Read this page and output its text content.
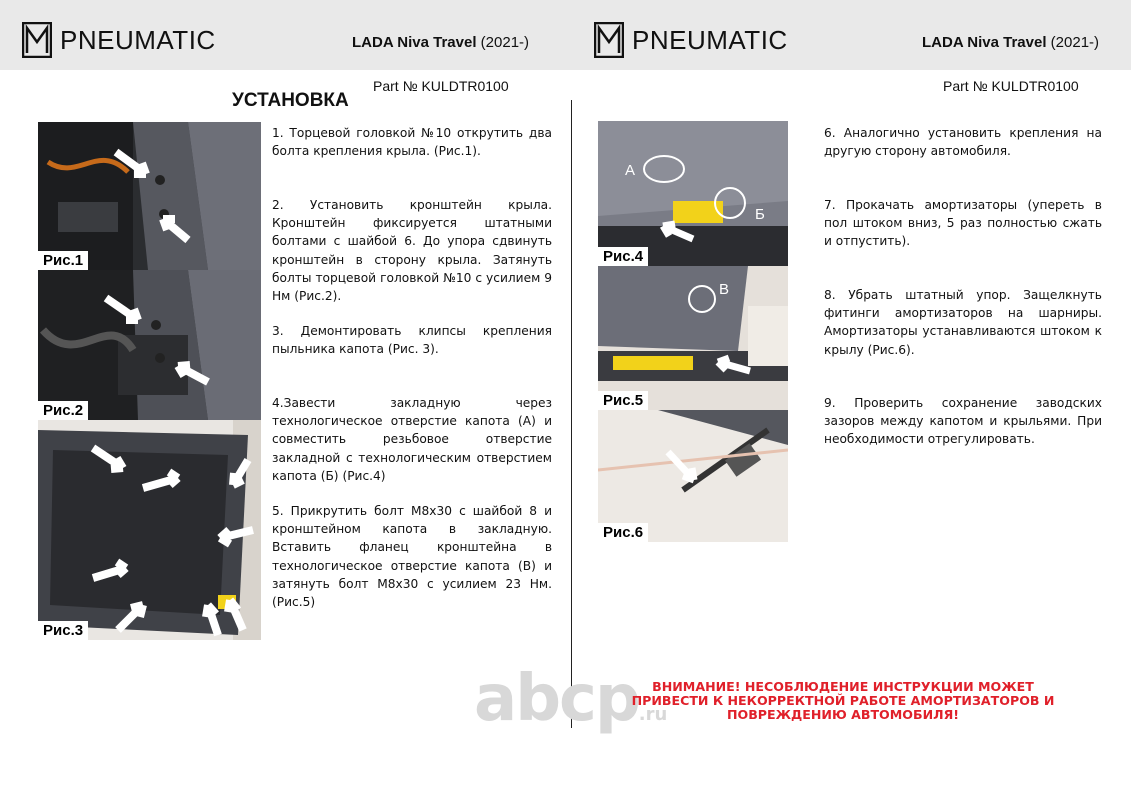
PNEUMATIC	LADA Niva Travel (2021-)
Part № KULDTR0100
PNEUMATIC	LADA Niva Travel (2021-)
Part № KULDTR0100
УСТАНОВКА
Рис.1
Рис.2
Рис.3
А
Б
Рис.4
В
Рис.5
Рис.6
1. Торцевой головкой №10 открутить два болта крепления крыла. (Рис.1).
2. Установить кронштейн крыла. Кронштейн фиксируется штатными болтами с шайбой 6. До упора сдвинуть кронштейн в сторону крыла. Затянуть болты торцевой головкой №10 с усилием 9 Нм (Рис.2).
3. Демонтировать клипсы крепления пыльника капота (Рис. 3).
4.Завести закладную через технологическое отверстие капота (А) и совместить резьбовое отверстие закладной с технологическим отверстием капота (Б) (Рис.4)
5. Прикрутить болт М8х30 с шайбой 8 и кронштейном капота в закладную. Вставить фланец кронштейна в технологическое отверстие капота (В) и затянуть болт М8х30 с усилием 23 Нм. (Рис.5)
6. Аналогично установить крепления на другую сторону автомобиля.
7. Прокачать амортизаторы (упереть в пол штоком вниз, 5 раз полностью сжать и отпустить).
8. Убрать штатный упор. Защелкнуть фитинги амортизаторов на шарниры. Амортизаторы устанавливаются штоком к крылу (Рис.6).
9. Проверить сохранение заводских зазоров между капотом и крыльями. При необходимости отрегулировать.
abcp.ru
ВНИМАНИЕ! НЕСОБЛЮДЕНИЕ ИНСТРУКЦИИ МОЖЕТ ПРИВЕСТИ К НЕКОРРЕКТНОЙ РАБОТЕ АМОРТИЗАТОРОВ И ПОВРЕЖДЕНИЮ АВТОМОБИЛЯ!
